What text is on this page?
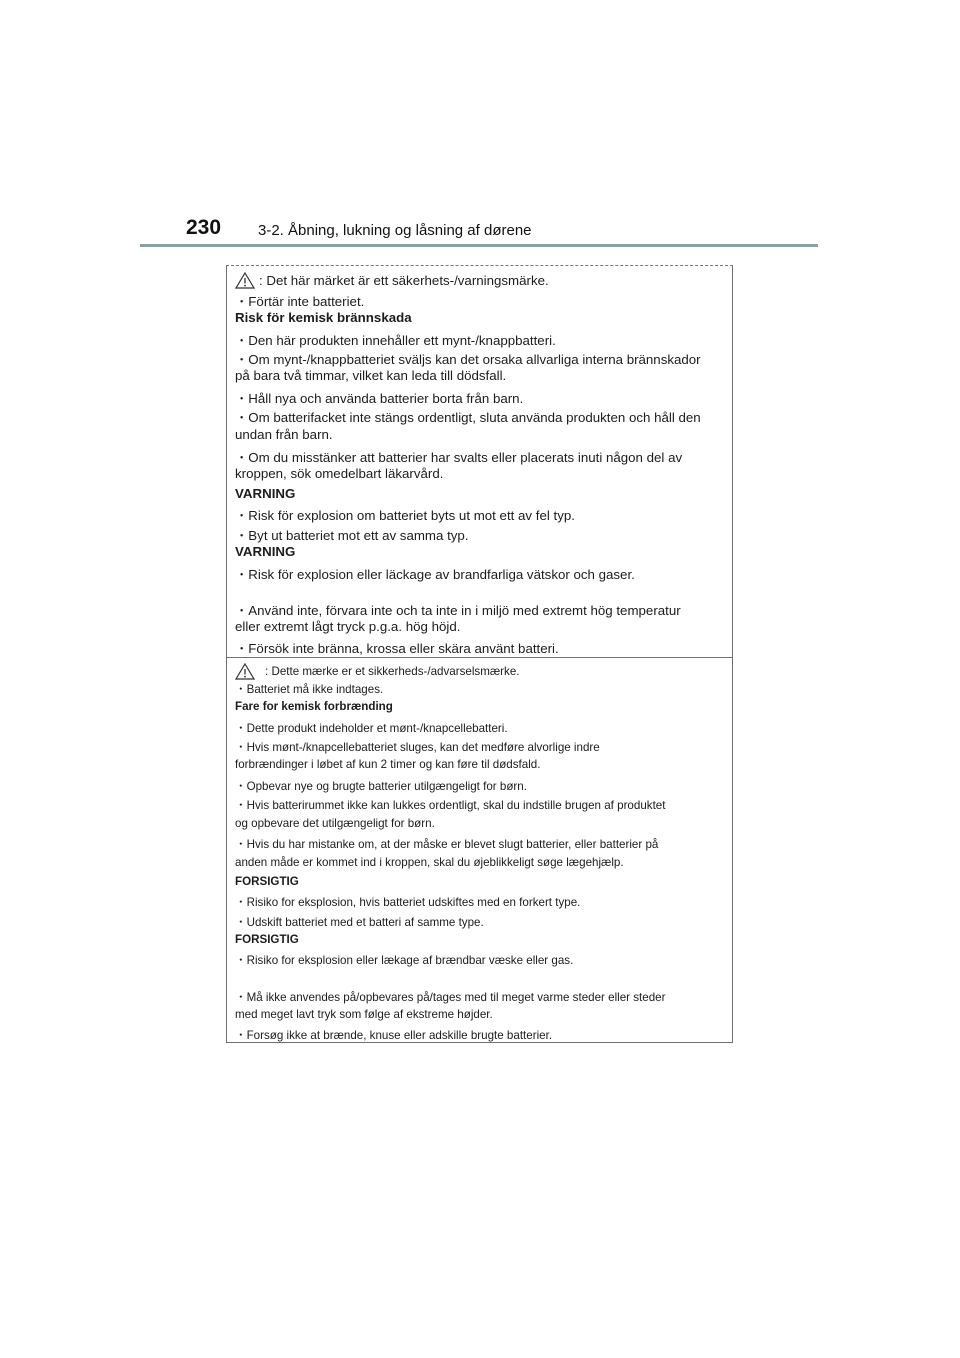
230 3-2. Åbning, lukning og låsning af dørene
: Det här märket är ett säkerhets-/varningsmärke.
・Förtär inte batteriet.
Risk för kemisk brännskada
・Den här produkten innehåller ett mynt-/knappbatteri.
・Om mynt-/knappbatteriet sväljs kan det orsaka allvarliga interna brännskador
på bara två timmar, vilket kan leda till dödsfall.
・Håll nya och använda batterier borta från barn.
・Om batterifacket inte stängs ordentligt, sluta använda produkten och håll den
undan från barn.
・Om du misstänker att batterier har svalts eller placerats inuti någon del av
kroppen, sök omedelbart läkarvård.
VARNING
・Risk för explosion om batteriet byts ut mot ett av fel typ.
・Byt ut batteriet mot ett av samma typ.
VARNING
・Risk för explosion eller läckage av brandfarliga vätskor och gaser.
・Använd inte, förvara inte och ta inte in i miljö med extremt hög temperatur
eller extremt lågt tryck p.g.a. hög höjd.
・Försök inte bränna, krossa eller skära använt batteri.
: Dette mærke er et sikkerheds-/advarselsmærke.
・Batteriet må ikke indtages.
Fare for kemisk forbrænding
・Dette produkt indeholder et mønt-/knapcellebatteri.
・Hvis mønt-/knapcellebatteriet sluges, kan det medføre alvorlige indre
forbrændinger i løbet af kun 2 timer og kan føre til dødsfald.
・Opbevar nye og brugte batterier utilgængeligt for børn.
・Hvis batterirummet ikke kan lukkes ordentligt, skal du indstille brugen af produktet
og opbevare det utilgængeligt for børn.
・Hvis du har mistanke om, at der måske er blevet slugt batterier, eller batterier på
anden måde er kommet ind i kroppen, skal du øjeblikkeligt søge lægehjælp.
FORSIGTIG
・Risiko for eksplosion, hvis batteriet udskiftes med en forkert type.
・Udskift batteriet med et batteri af samme type.
FORSIGTIG
・Risiko for eksplosion eller lækage af brændbar væske eller gas.
・Må ikke anvendes på/opbevares på/tages med til meget varme steder eller steder
med meget lavt tryk som følge af ekstreme højder.
・Forsøg ikke at brænde, knuse eller adskille brugte batterier.
